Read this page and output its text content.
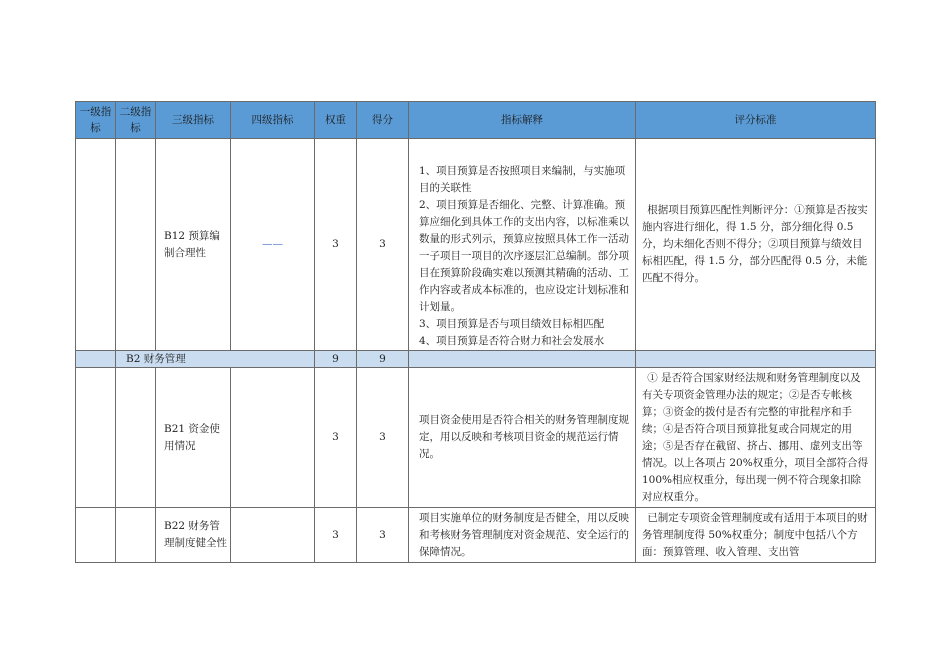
一级指标	二级指标	三级指标	四级指标	权重	得分	指标解释	评分标准
		B12 预算编制合理性	——	3	3	1、项目预算是否按照项目来编制，与实施项目的关联性
2、项目预算是否细化、完整、计算准确。预算应细化到具体工作的支出内容，以标准乘以数量的形式列示，预算应按照具体工作一活动一子项目一项目的次序逐层汇总编制。部分项目在预算阶段确实难以预测其精确的活动、工作内容或者成本标准的，也应设定计划标准和计划量。
3、项目预算是否与项目绩效目标相匹配
4、项目预算是否符合财力和社会发展水	根据项目预算匹配性判断评分：①预算是否按实施内容进行细化，得 1.5 分，部分细化得 0.5 分，均未细化否则不得分；②项目预算与绩效目标相匹配，得 1.5 分，部分匹配得 0.5 分，未能匹配不得分。

	B2 财务管理			9	9		
		B21 资金使用情况		3	3	项目资金使用是否符合相关的财务管理制度规定，用以反映和考核项目资金的规范运行情况。	① 是否符合国家财经法规和财务管理制度以及有关专项资金管理办法的规定；②是否专帐核算；③资金的拨付是否有完整的审批程序和手续；④是否符合项目预算批复或合同规定的用途；⑤是否存在截留、挤占、挪用、虚列支出等情况。以上各项占 20%权重分，项目全部符合得 100%相应权重分，每出现一例不符合现象扣除对应权重分。

		B22 财务管理制度健全性		3	3	项目实施单位的财务制度是否健全，用以反映和考核财务管理制度对资金规范、安全运行的保障情况。	已制定专项资金管理制度或有适用于本项目的财务管理制度得 50%权重分；制度中包括八个方面：预算管理、收入管理、支出管
